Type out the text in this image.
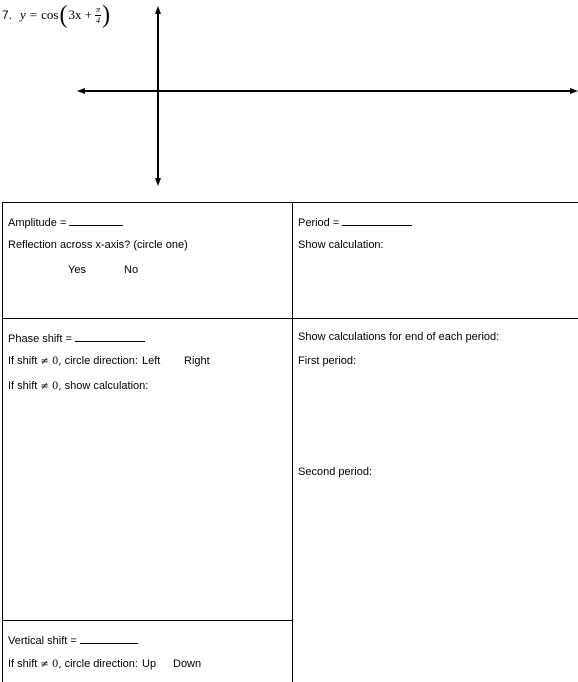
7. y = cos ( $3x + \frac{\pi}{4}$ )
Amplitude =
Reflection across x-axis? (circle one)
Yes	No
Period =
Show calculation:
Phase shift =
If shift ≠ 0, circle direction: Left Right
If shift ≠ 0, show calculation:
Show calculations for end of each period:
First period:
Second period:
Vertical shift =
If shift ≠ 0, circle direction: Up Down
